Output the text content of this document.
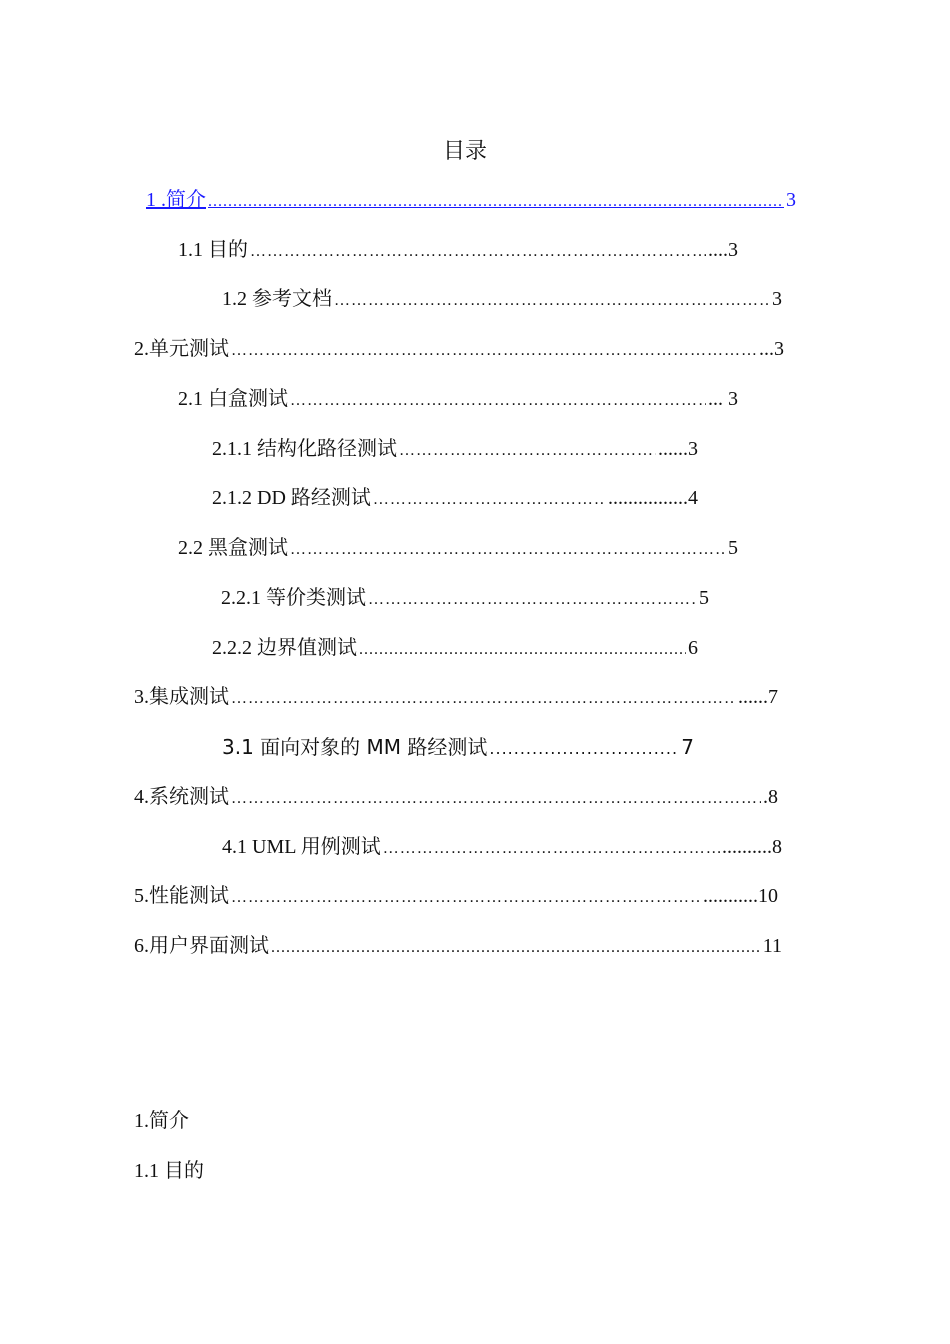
目录
1 .简介 .....	3
1.1 目的 …………………………………………………………………………………………………………………………………………………………………………	....3
1.2 参考文档 …………………………………………………………………………………………………………………………………………………………………………	3
2.单元测试 …………………………………………………………………………………………………………………………………………………………………………	...3
2.1 白盒测试 …………………………………………………………………………………………………………………………………………………………………………	... 3
2.1.1 结构化路径测试 …………………………………………………………………………………………………………………………………………………………………………	......3
2.1.2 DD 路经测试 …………………………………………………………………………………………………………………………………………………………………………	................4
2.2 黑盒测试 …………………………………………………………………………………………………………………………………………………………………………	5
2.2.1 等价类测试 …………………………………………………………………………………………………………………………………………………………………………	5
2.2.2 边界值测试 .....	6
3.集成测试 …………………………………………………………………………………………………………………………………………………………………………	......7
3.1 面向对象的 MM 路经测试 .....	7
4.系统测试 …………………………………………………………………………………………………………………………………………………………………………	.8
4.1 UML 用例测试 …………………………………………………………………………………………………………………………………………………………………………	..........8
5.性能测试 …………………………………………………………………………………………………………………………………………………………………………	...........10
6.用户界面测试 .....	11
1.简介
1.1 目的
